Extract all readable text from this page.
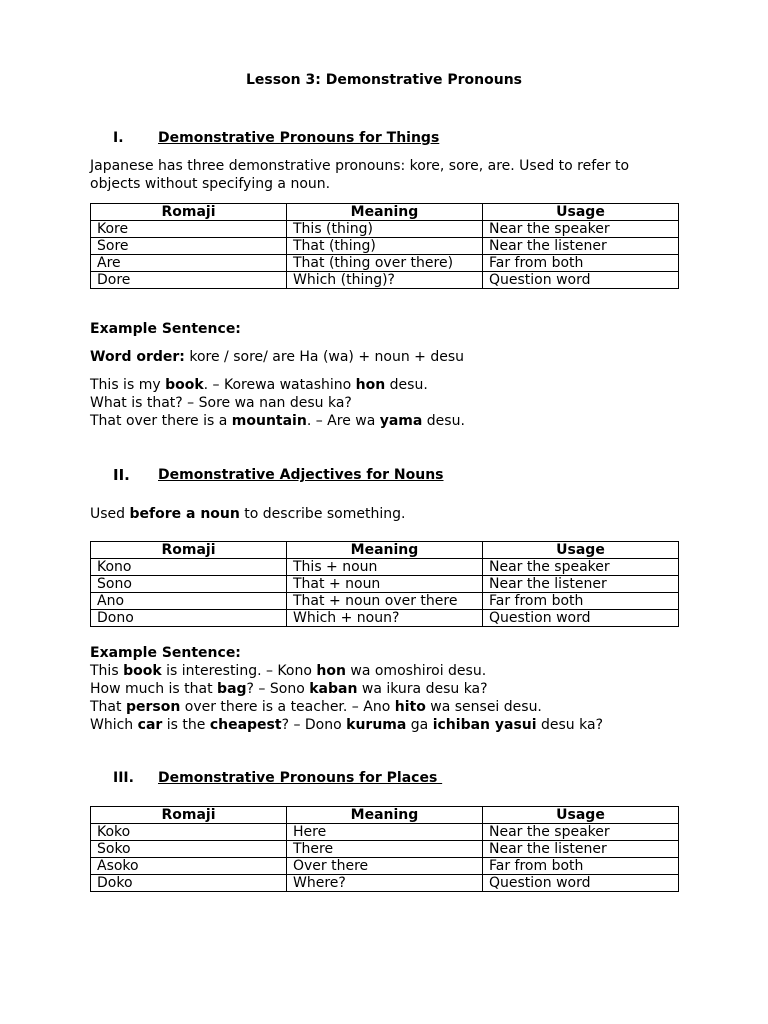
Lesson 3: Demonstrative Pronouns
I. Demonstrative Pronouns for Things
Japanese has three demonstrative pronouns: kore, sore, are. Used to refer to
objects without specifying a noun.
Romaji	Meaning	Usage
Kore	This (thing)	Near the speaker
Sore	That (thing)	Near the listener
Are	That (thing over there)	Far from both
Dore	Which (thing)?	Question word
Example Sentence:
Word order: kore / sore/ are Ha (wa) + noun + desu
This is my book. – Korewa watashino hon desu.
What is that? – Sore wa nan desu ka?
That over there is a mountain. – Are wa yama desu.
II. Demonstrative Adjectives for Nouns
Used before a noun to describe something.
Romaji	Meaning	Usage
Kono	This + noun	Near the speaker
Sono	That + noun	Near the listener
Ano	That + noun over there	Far from both
Dono	Which + noun?	Question word
Example Sentence:
This book is interesting. – Kono hon wa omoshiroi desu.
How much is that bag? – Sono kaban wa ikura desu ka?
That person over there is a teacher. – Ano hito wa sensei desu.
Which car is the cheapest? – Dono kuruma ga ichiban yasui desu ka?
III. Demonstrative Pronouns for Places
Romaji	Meaning	Usage
Koko	Here	Near the speaker
Soko	There	Near the listener
Asoko	Over there	Far from both
Doko	Where?	Question word
